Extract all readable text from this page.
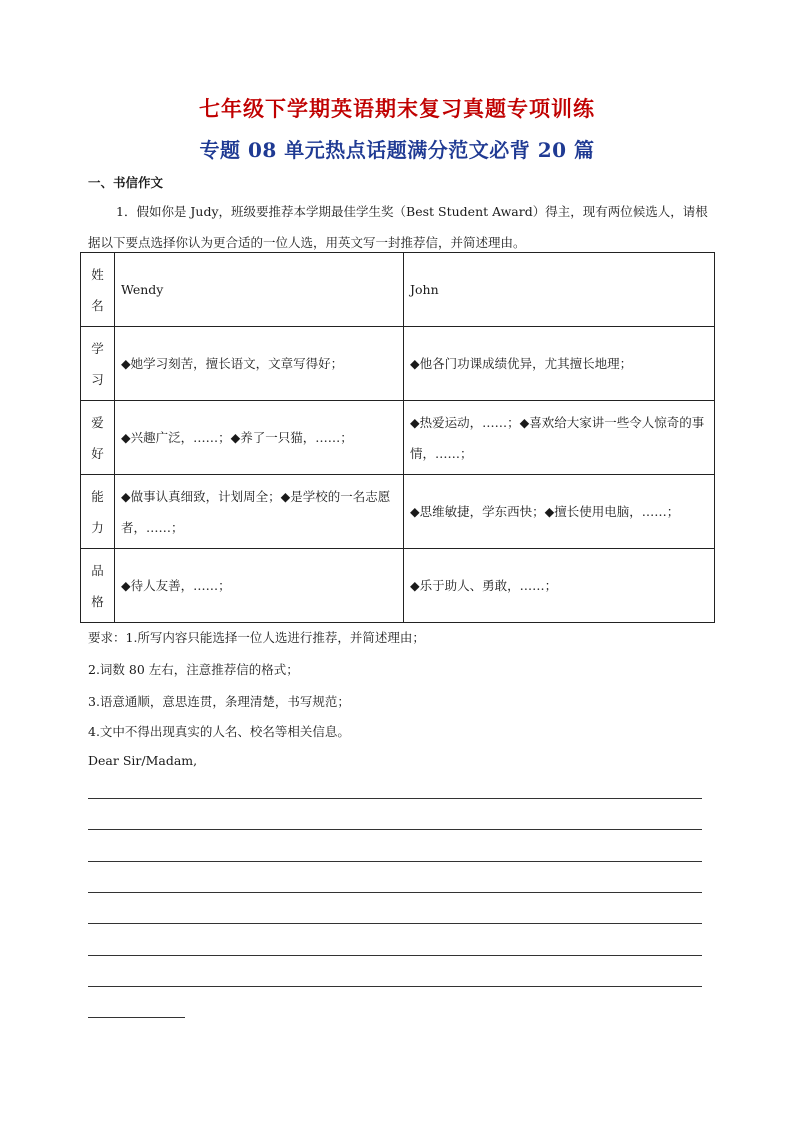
七年级下学期英语期末复习真题专项训练
专题 08 单元热点话题满分范文必背 20 篇
一、书信作文
1．假如你是 Judy，班级要推荐本学期最佳学生奖（Best Student Award）得主，现有两位候选人，请根据以下要点选择你认为更合适的一位人选，用英文写一封推荐信，并简述理由。
姓
名	Wendy	John
学
习	◆她学习刻苦，擅长语文，文章写得好；	◆他各门功课成绩优异，尤其擅长地理；
爱
好	◆兴趣广泛，……；◆养了一只猫，……；	◆热爱运动，……；◆喜欢给大家讲一些令人惊奇的事情，……；
能
力	◆做事认真细致，计划周全；◆是学校的一名志愿者，……；	◆思维敏捷，学东西快；◆擅长使用电脑，……；
品
格	◆待人友善，……；	◆乐于助人、勇敢，……；
要求：1.所写内容只能选择一位人选进行推荐，并简述理由；
2.词数 80 左右，注意推荐信的格式；
3.语意通顺，意思连贯，条理清楚，书写规范；
4.文中不得出现真实的人名、校名等相关信息。
Dear Sir/Madam,
